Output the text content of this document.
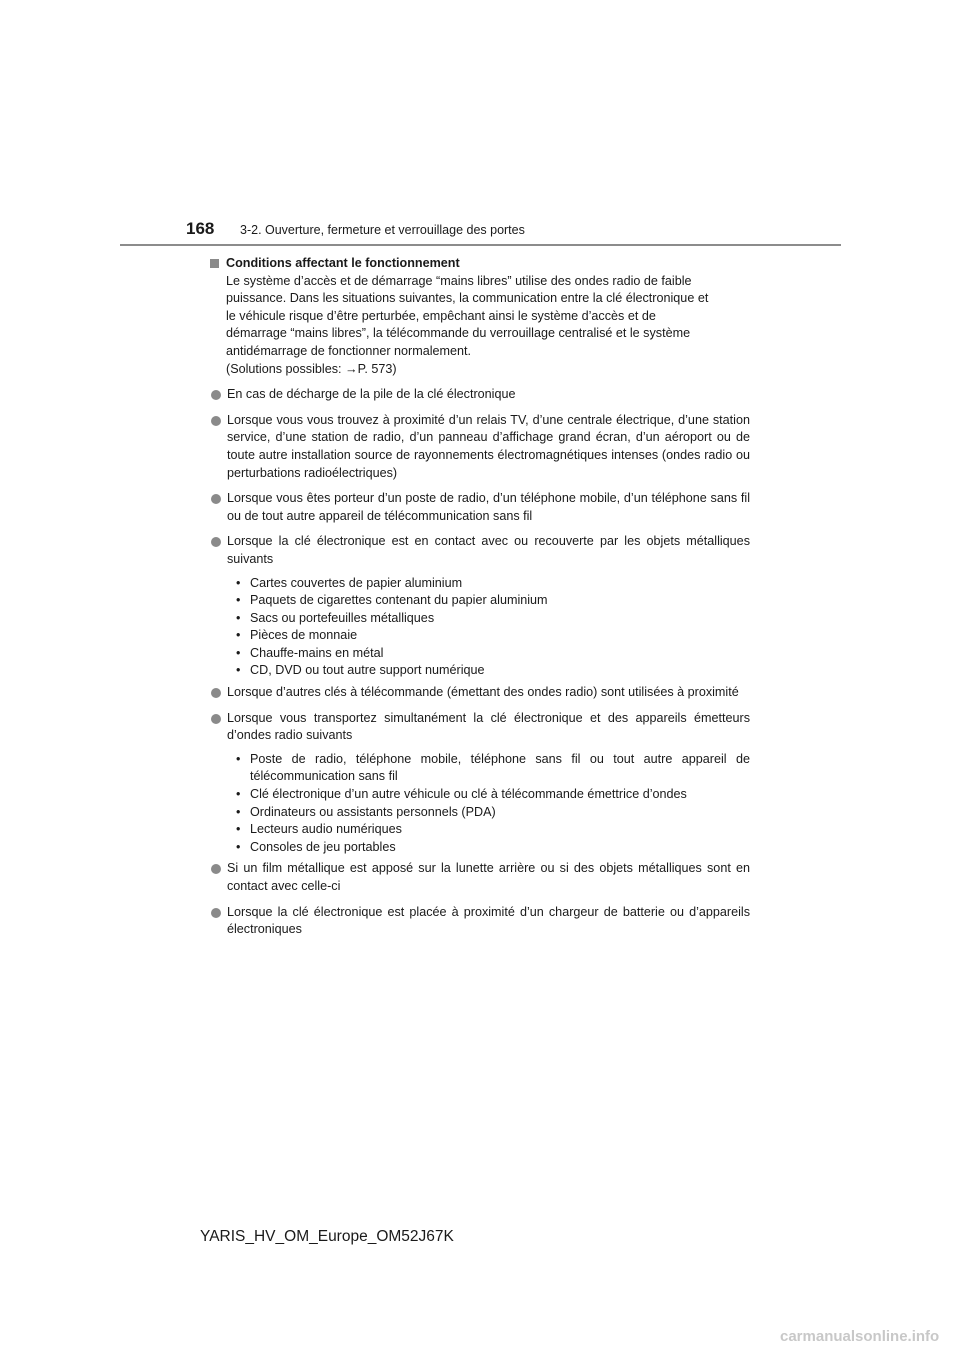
168 3-2. Ouverture, fermeture et verrouillage des portes

Conditions affectant le fonctionnement

Le système d’accès et de démarrage “mains libres” utilise des ondes radio de faible
puissance. Dans les situations suivantes, la communication entre la clé électronique et
le véhicule risque d’être perturbée, empêchant ainsi le système d’accès et de
démarrage “mains libres”, la télécommande du verrouillage centralisé et le système
antidémarrage de fonctionner normalement.

(Solutions possibles: →P. 573)

En cas de décharge de la pile de la clé électronique
Lorsque vous vous trouvez à proximité d’un relais TV, d’une centrale électrique, d’une station service, d’une station de radio, d’un panneau d’affichage grand écran, d’un aéroport ou de toute autre installation source de rayonnements électromagnétiques intenses (ondes radio ou perturbations radioélectriques)
Lorsque vous êtes porteur d’un poste de radio, d’un téléphone mobile, d’un téléphone sans fil ou de tout autre appareil de télécommunication sans fil
Lorsque la clé électronique est en contact avec ou recouverte par les objets métalliques suivants
• Cartes couvertes de papier aluminium
• Paquets de cigarettes contenant du papier aluminium
• Sacs ou portefeuilles métalliques
• Pièces de monnaie
• Chauffe-mains en métal
• CD, DVD ou tout autre support numérique
Lorsque d’autres clés à télécommande (émettant des ondes radio) sont utilisées à proximité
Lorsque vous transportez simultanément la clé électronique et des appareils émetteurs d’ondes radio suivants
• Poste de radio, téléphone mobile, téléphone sans fil ou tout autre appareil de télécommunication sans fil
• Clé électronique d’un autre véhicule ou clé à télécommande émettrice d’ondes
• Ordinateurs ou assistants personnels (PDA)
• Lecteurs audio numériques
• Consoles de jeu portables
Si un film métallique est apposé sur la lunette arrière ou si des objets métalliques sont en contact avec celle-ci
Lorsque la clé électronique est placée à proximité d’un chargeur de batterie ou d’appareils électroniques
YARIS_HV_OM_Europe_OM52J67K
carmanualsonline.info
